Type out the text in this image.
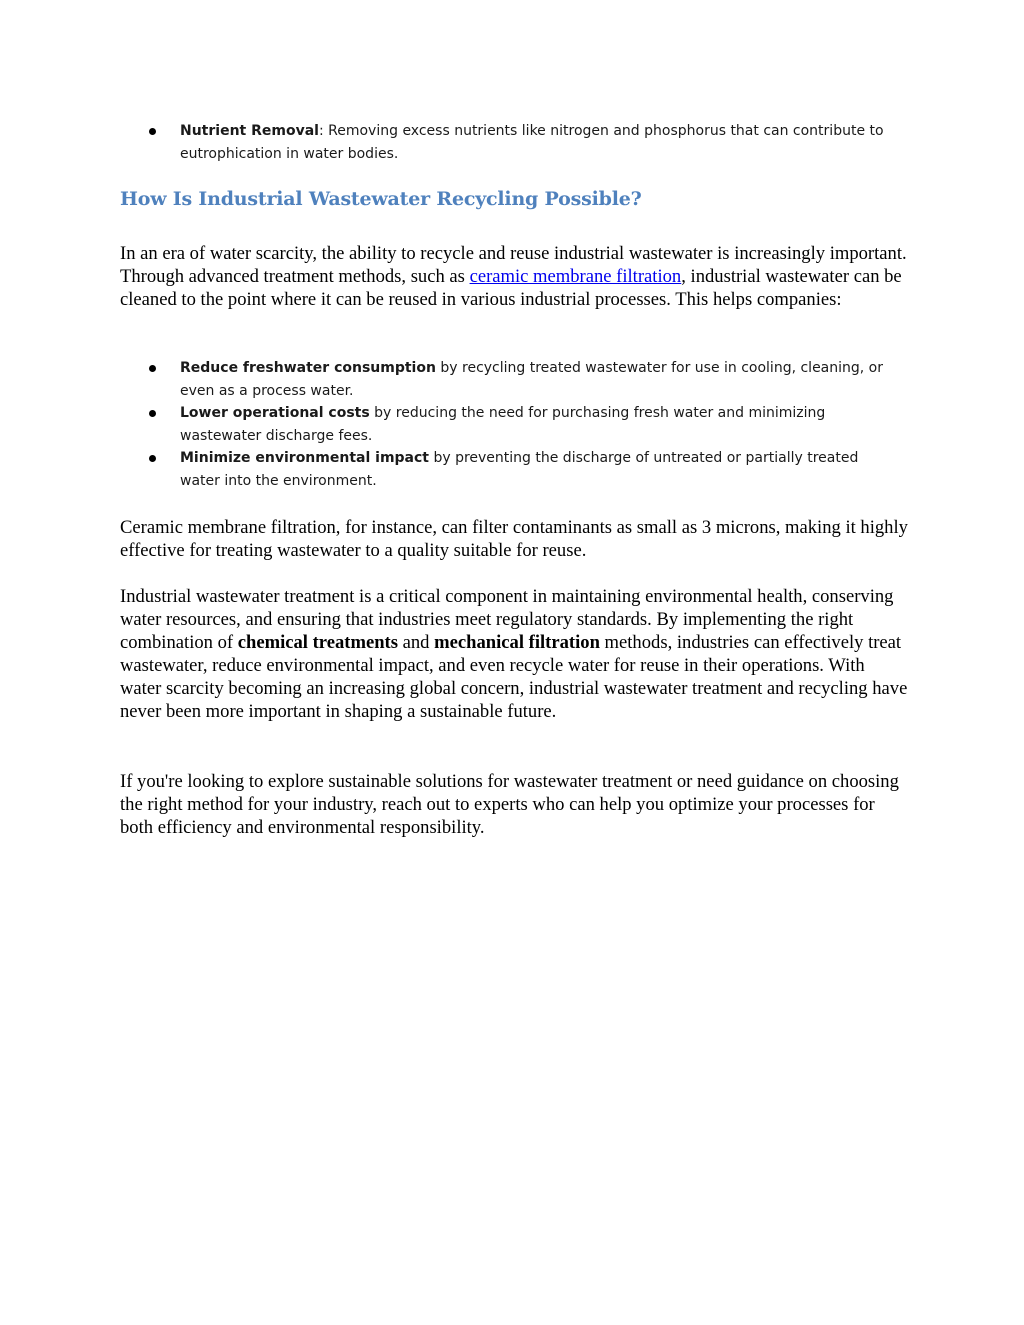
Nutrient Removal: Removing excess nutrients like nitrogen and phosphorus that can contribute to eutrophication in water bodies.
How Is Industrial Wastewater Recycling Possible?

In an era of water scarcity, the ability to recycle and reuse industrial wastewater is increasingly important. Through advanced treatment methods, such as ceramic membrane filtration, industrial wastewater can be cleaned to the point where it can be reused in various industrial processes. This helps companies:

Reduce freshwater consumption by recycling treated wastewater for use in cooling, cleaning, or even as a process water.
Lower operational costs by reducing the need for purchasing fresh water and minimizing wastewater discharge fees.
Minimize environmental impact by preventing the discharge of untreated or partially treated water into the environment.

Ceramic membrane filtration, for instance, can filter contaminants as small as 3 microns, making it highly effective for treating wastewater to a quality suitable for reuse.

Industrial wastewater treatment is a critical component in maintaining environmental health, conserving water resources, and ensuring that industries meet regulatory standards. By implementing the right combination of chemical treatments and mechanical filtration methods, industries can effectively treat wastewater, reduce environmental impact, and even recycle water for reuse in their operations. With water scarcity becoming an increasing global concern, industrial wastewater treatment and recycling have never been more important in shaping a sustainable future.

If you're looking to explore sustainable solutions for wastewater treatment or need guidance on choosing the right method for your industry, reach out to experts who can help you optimize your processes for both efficiency and environmental responsibility.
